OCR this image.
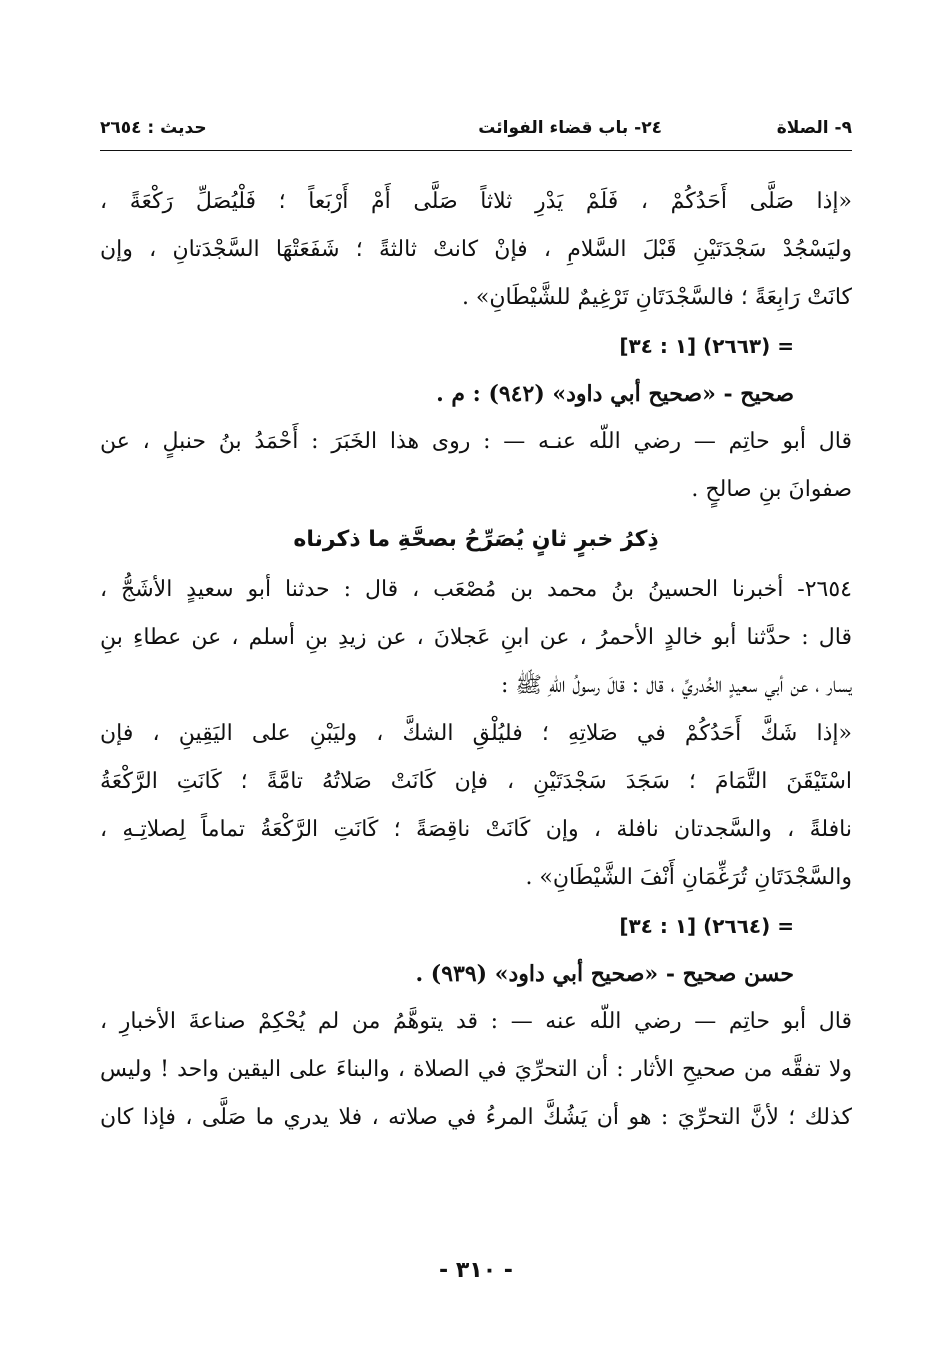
٩- الصلاة
٢٤- باب قضاء الفوائت
حديث : ٢٦٥٤
«إذا صَلَّى أَحَدُكُمْ ، فَلَمْ يَدْرِ ثلاثاً صَلَّى أَمْ أَرْبَعاً ؛ فَلْيُصَلِّ رَكْعَةً ،
وليَسْجُدْ سَجْدَتَيْنِ قَبْلَ السَّلامِ ، فإنْ كانتْ ثالثةً ؛ شَفَعَتْهَا السَّجْدَتانِ ، وإن
كانَتْ رَابِعَةً ؛ فالسَّجْدَتَانِ تَرْغِيمٌ للشَّيْطَانِ» .
= (٢٦٦٣) [١ : ٣٤]
صحيح - «صحيح أبي داود» (٩٤٢) : م .
قال أبو حاتِم — رضي اللّه عنـه — : روى هذا الخَبَرَ : أَحْمَدُ بنُ حنبلٍ ، عن
صفوانَ بنِ صالحٍ .
ذِكرُ خبرٍ ثانٍ يُصَرِّحُ بصحَّةِ ما ذكرناه
٢٦٥٤- أخبرنا الحسينُ بنُ محمد بن مُصْعَب ، قال : حدثنا أبو سعيدٍ الأشَجُّ ،
قال : حدَّثنا أبو خالدٍ الأحمرُ ، عن ابنِ عَجلانَ ، عن زيدِ بنِ أسلم ، عن عطاءِ بنِ
يسار ، عن أبي سعيدٍ الخُدريِّ ، قال : قالَ رسولُ اللّهِ ﷺ :
«إذا شَكَّ أَحَدُكُمْ في صَلاتِهِ ؛ فليُلْقِ الشكَّ ، وليَبْنِ على اليَقِينِ ، فإن
اسْتَيْقَنَ التَّمَامَ ؛ سَجَدَ سَجْدَتَيْنِ ، فإن كَانَتْ صَلاتُهُ تامَّةً ؛ كَانَتِ الرَّكْعَةُ
نافلةً ، والسَّجدتان نافلة ، وإن كَانَتْ ناقِصَةً ؛ كَانَتِ الرَّكْعَةُ تماماً لِصلاتِـهِ ،
والسَّجْدَتَانِ تُرَغِّمَانِ أَنْفَ الشَّيْطَانِ» .
= (٢٦٦٤) [١ : ٣٤]
حسن صحيح - «صحيح أبي داود» (٩٣٩) .
قال أبو حاتِم — رضي اللّه عنه — : قد يتوهَّمُ من لم يُحْكِمْ صناعةَ الأخبارِ ،
ولا تفقَّه من صحيحِ الأثار : أن التحرِّيَ في الصلاة ، والبناءَ على اليقين واحد ! وليس
كذلك ؛ لأنَّ التحرِّيَ : هو أن يَشُكَّ المرءُ في صلاته ، فلا يدري ما صَلَّى ، فإذا كان
- ٣١٠ -
